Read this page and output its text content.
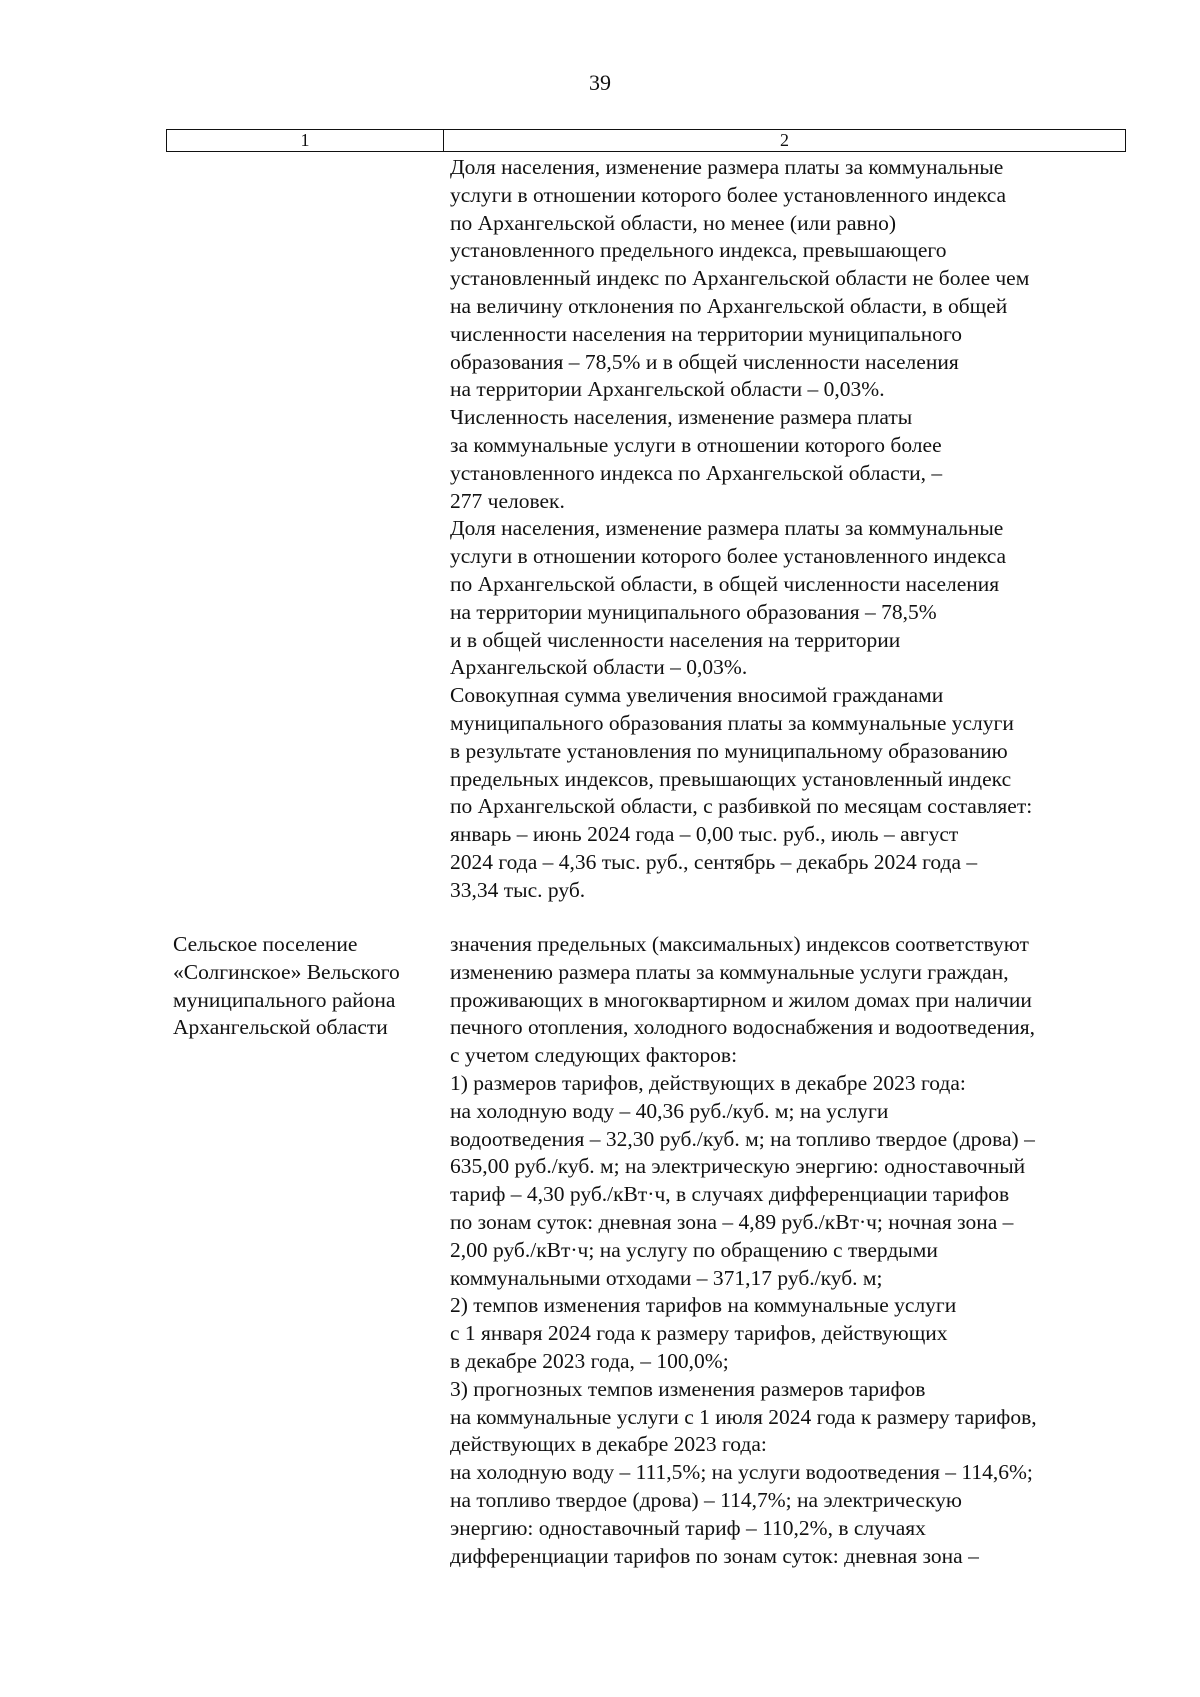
39
1	2

Доля населения, изменение размера платы за коммунальные
услуги в отношении которого более установленного индекса
по Архангельской области, но менее (или равно)
установленного предельного индекса, превышающего
установленный индекс по Архангельской области не более чем
на величину отклонения по Архангельской области, в общей
численности населения на территории муниципального
образования – 78,5% и в общей численности населения
на территории Архангельской области – 0,03%.
Численность населения, изменение размера платы
за коммунальные услуги в отношении которого более
установленного индекса по Архангельской области, –
277 человек.
Доля населения, изменение размера платы за коммунальные
услуги в отношении которого более установленного индекса
по Архангельской области, в общей численности населения
на территории муниципального образования – 78,5%
и в общей численности населения на территории
Архангельской области – 0,03%.
Совокупная сумма увеличения вносимой гражданами
муниципального образования платы за коммунальные услуги
в результате установления по муниципальному образованию
предельных индексов, превышающих установленный индекс
по Архангельской области, с разбивкой по месяцам составляет:
январь – июнь 2024 года – 0,00 тыс. руб., июль – август
2024 года – 4,36 тыс. руб., сентябрь – декабрь 2024 года –
33,34 тыс. руб.

Сельское поселение
«Солгинское» Вельского
муниципального района
Архангельской области

значения предельных (максимальных) индексов соответствуют
изменению размера платы за коммунальные услуги граждан,
проживающих в многоквартирном и жилом домах при наличии
печного отопления, холодного водоснабжения и водоотведения,
с учетом следующих факторов:
1) размеров тарифов, действующих в декабре 2023 года:
на холодную воду – 40,36 руб./куб. м; на услуги
водоотведения – 32,30 руб./куб. м; на топливо твердое (дрова) –
635,00 руб./куб. м; на электрическую энергию: одноставочный
тариф – 4,30 руб./кВт·ч, в случаях дифференциации тарифов
по зонам суток: дневная зона – 4,89 руб./кВт·ч; ночная зона –
2,00 руб./кВт·ч; на услугу по обращению с твердыми
коммунальными отходами – 371,17 руб./куб. м;
2) темпов изменения тарифов на коммунальные услуги
с 1 января 2024 года к размеру тарифов, действующих
в декабре 2023 года, – 100,0%;
3) прогнозных темпов изменения размеров тарифов
на коммунальные услуги с 1 июля 2024 года к размеру тарифов,
действующих в декабре 2023 года:
на холодную воду – 111,5%; на услуги водоотведения – 114,6%;
на топливо твердое (дрова) – 114,7%; на электрическую
энергию: одноставочный тариф – 110,2%, в случаях
дифференциации тарифов по зонам суток: дневная зона –
